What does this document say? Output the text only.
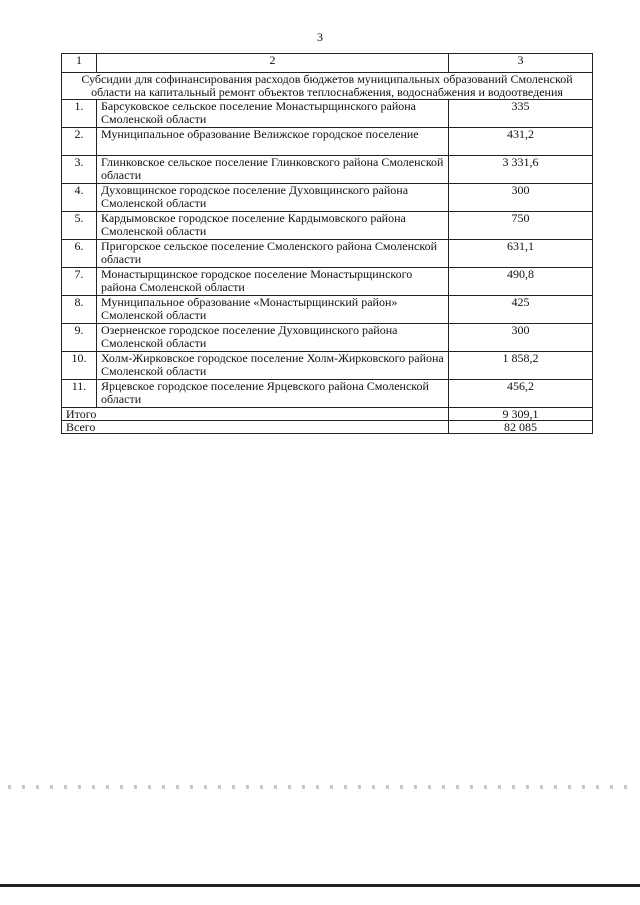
3
1	2	3
Субсидии для софинансирования расходов бюджетов муниципальных образований Смоленской области на капитальный ремонт объектов теплоснабжения, водоснабжения и водоотведения		
1.	Барсуковское сельское поселение Монастырщинского района Смоленской области	335
2.	Муниципальное образование Велижское городское поселение	431,2
3.	Глинковское сельское поселение Глинковского района Смоленской области	3 331,6
4.	Духовщинское городское поселение Духовщинского района Смоленской области	300
5.	Кардымовское городское поселение Кардымовского района Смоленской области	750
6.	Пригорское сельское поселение Смоленского района Смоленской области	631,1
7.	Монастырщинское городское поселение Монастырщинского района Смоленской области	490,8
8.	Муниципальное образование «Монастырщинский район» Смоленской области	425
9.	Озерненское городское поселение Духовщинского района Смоленской области	300
10.	Холм-Жирковское городское поселение Холм-Жирковского района Смоленской области	1 858,2
11.	Ярцевское городское поселение Ярцевского района Смоленской области	456,2
Итого		9 309,1
Всего		82 085
